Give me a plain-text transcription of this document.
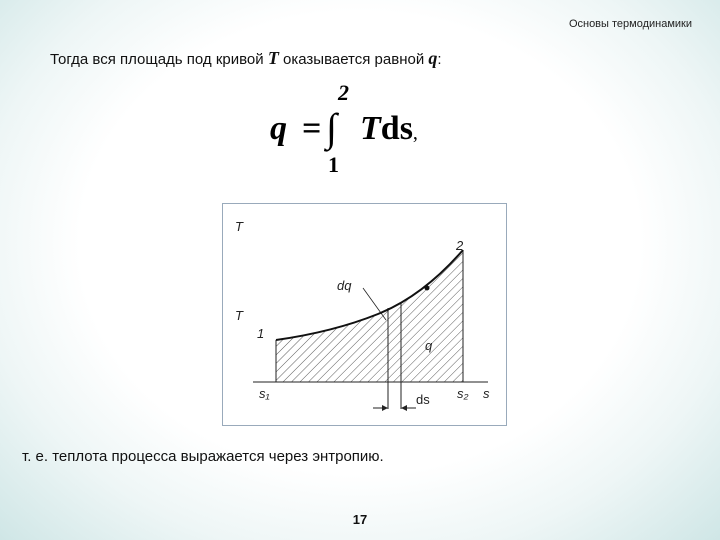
Основы термодинамики
Тогда вся площадь под кривой T оказывается равной q:
q = ∫
2
1
Tds,
T
T
2
1
dq
q
s₁	ds s₂ s
т. е. теплота процесса выражается через энтропию.
17
